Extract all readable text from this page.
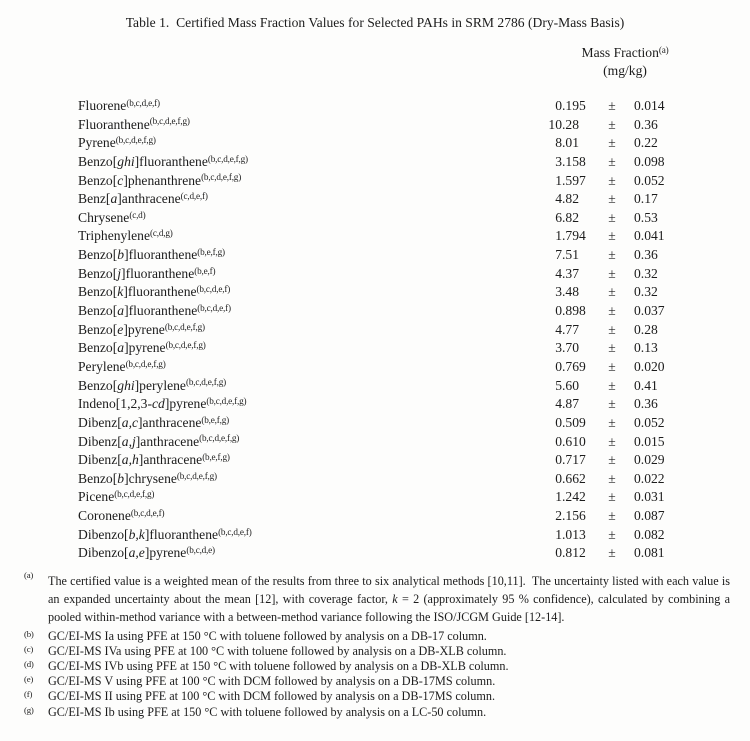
Table 1.  Certified Mass Fraction Values for Selected PAHs in SRM 2786 (Dry-Mass Basis)
Mass Fraction$^{(a)}$
(mg/kg)
Fluorene$^{(b,c,d,e,f)}$	0 .195	±	0.014
Fluoranthene$^{(b,c,d,e,f,g)}$	10 .28	±	0.36
Pyrene$^{(b,c,d,e,f,g)}$	8 .01	±	0.22
Benzo[ghi]fluoranthene$^{(b,c,d,e,f,g)}$	3 .158	±	0.098
Benzo[c]phenanthrene$^{(b,c,d,e,f,g)}$	1 .597	±	0.052
Benz[a]anthracene$^{(c,d,e,f)}$	4 .82	±	0.17
Chrysene$^{(c,d)}$	6 .82	±	0.53
Triphenylene$^{(c,d,g)}$	1 .794	±	0.041
Benzo[b]fluoranthene$^{(b,e,f,g)}$	7 .51	±	0.36
Benzo[j]fluoranthene$^{(b,e,f)}$	4 .37	±	0.32
Benzo[k]fluoranthene$^{(b,c,d,e,f)}$	3 .48	±	0.32
Benzo[a]fluoranthene$^{(b,c,d,e,f)}$	0 .898	±	0.037
Benzo[e]pyrene$^{(b,c,d,e,f,g)}$	4 .77	±	0.28
Benzo[a]pyrene$^{(b,c,d,e,f,g)}$	3 .70	±	0.13
Perylene$^{(b,c,d,e,f,g)}$	0 .769	±	0.020
Benzo[ghi]perylene$^{(b,c,d,e,f,g)}$	5 .60	±	0.41
Indeno[1,2,3-cd]pyrene$^{(b,c,d,e,f,g)}$	4 .87	±	0.36
Dibenz[a,c]anthracene$^{(b,e,f,g)}$	0 .509	±	0.052
Dibenz[a,j]anthracene$^{(b,c,d,e,f,g)}$	0 .610	±	0.015
Dibenz[a,h]anthracene$^{(b,e,f,g)}$	0 .717	±	0.029
Benzo[b]chrysene$^{(b,c,d,e,f,g)}$	0 .662	±	0.022
Picene$^{(b,c,d,e,f,g)}$	1 .242	±	0.031
Coronene$^{(b,c,d,e,f)}$	2 .156	±	0.087
Dibenzo[b,k]fluoranthene$^{(b,c,d,e,f)}$	1 .013	±	0.082
Dibenzo[a,e]pyrene$^{(b,c,d,e)}$	0 .812	±	0.081
(a) The certified value is a weighted mean of the results from three to six analytical methods [10,11].  The uncertainty listed with each value is an expanded uncertainty about the mean [12], with coverage factor, k = 2 (approximately 95 % confidence), calculated by combining a pooled within-method variance with a between-method variance following the ISO/JCGM Guide [12-14].
(b) GC/EI-MS Ia using PFE at 150 °C with toluene followed by analysis on a DB-17 column.
(c) GC/EI-MS IVa using PFE at 100 °C with toluene followed by analysis on a DB-XLB column.
(d) GC/EI-MS IVb using PFE at 150 °C with toluene followed by analysis on a DB-XLB column.
(e) GC/EI-MS V using PFE at 100 °C with DCM followed by analysis on a DB-17MS column.
(f) GC/EI-MS II using PFE at 100 °C with DCM followed by analysis on a DB-17MS column.
(g) GC/EI-MS Ib using PFE at 150 °C with toluene followed by analysis on a LC-50 column.
